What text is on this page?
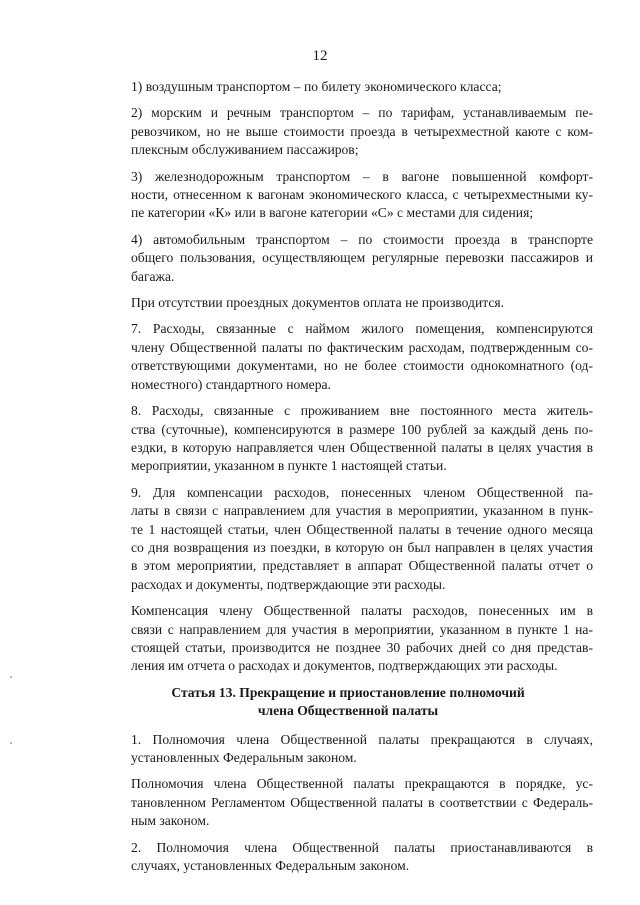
12

1) воздушным транспортом – по билету экономического класса;

2) морским и речным транспортом – по тарифам, устанавливаемым пе-
ревозчиком, но не выше стоимости проезда в четырехместной каюте с ком-
плексным обслуживанием пассажиров;

3) железнодорожным транспортом – в вагоне повышенной комфорт-
ности, отнесенном к вагонам экономического класса, с четырехместными ку-
пе категории «К» или в вагоне категории «С» с местами для сидения;

4) автомобильным транспортом – по стоимости проезда в транспорте
общего пользования, осуществляющем регулярные перевозки пассажиров и
багажа.

При отсутствии проездных документов оплата не производится.

7. Расходы, связанные с наймом жилого помещения, компенсируются
члену Общественной палаты по фактическим расходам, подтвержденным со-
ответствующими документами, но не более стоимости однокомнатного (од-
номестного) стандартного номера.

8. Расходы, связанные с проживанием вне постоянного места житель-
ства (суточные), компенсируются в размере 100 рублей за каждый день по-
ездки, в которую направляется член Общественной палаты в целях участия в
мероприятии, указанном в пункте 1 настоящей статьи.

9. Для компенсации расходов, понесенных членом Общественной па-
латы в связи с направлением для участия в мероприятии, указанном в пунк-
те 1 настоящей статьи, член Общественной палаты в течение одного месяца
со дня возвращения из поездки, в которую он был направлен в целях участия
в этом мероприятии, представляет в аппарат Общественной палаты отчет о
расходах и документы, подтверждающие эти расходы.

Компенсация члену Общественной палаты расходов, понесенных им в
связи с направлением для участия в мероприятии, указанном в пункте 1 на-
стоящей статьи, производится не позднее 30 рабочих дней со дня представ-
ления им отчета о расходах и документов, подтверждающих эти расходы.

Статья 13. Прекращение и приостановление полномочий
члена Общественной палаты

1. Полномочия члена Общественной палаты прекращаются в случаях,
установленных Федеральным законом.

Полномочия члена Общественной палаты прекращаются в порядке, ус-
тановленном Регламентом Общественной палаты в соответствии с Федераль-
ным законом.

2. Полномочия члена Общественной палаты приостанавливаются в
случаях, установленных Федеральным законом.
